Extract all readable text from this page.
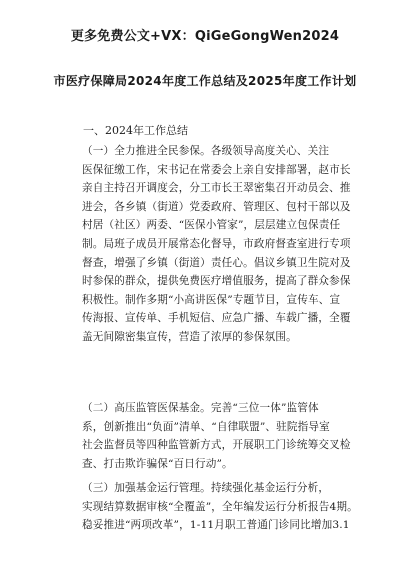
更多免费公文+VX：QiGeGongWen2024
市医疗保障局2024年度工作总结及2025年度工作计划
一、2024年工作总结
（一）全力推进全民参保。各级领导高度关心、关注
医保征缴工作，宋书记在常委会上亲自安排部署，赵市长
亲自主持召开调度会，分工市长王翠密集召开动员会、推
进会，各乡镇（街道）党委政府、管理区、包村干部以及
村居（社区）两委、“医保小管家”，层层建立包保责任
制。局班子成员开展常态化督导，市政府督查室进行专项
督查，增强了乡镇（街道）责任心。倡议乡镇卫生院对及
时参保的群众，提供免费医疗增值服务，提高了群众参保
积极性。制作多期“小高讲医保”专题节目，宣传车、宣
传海报、宣传单、手机短信、应急广播、车载广播，全覆
盖无间隙密集宣传，营造了浓厚的参保氛围。
（二）高压监管医保基金。完善“三位一体”监管体
系，创新推出“负面”清单、“自律联盟”、驻院指导室
社会监督员等四种监管新方式，开展职工门诊统筹交叉检
查、打击欺诈骗保“百日行动”。
（三）加强基金运行管理。持续强化基金运行分析，
实现结算数据审核“全覆盖”，全年编发运行分析报告4期。
稳妥推进“两项改革”，1-11月职工普通门诊同比增加3.1
